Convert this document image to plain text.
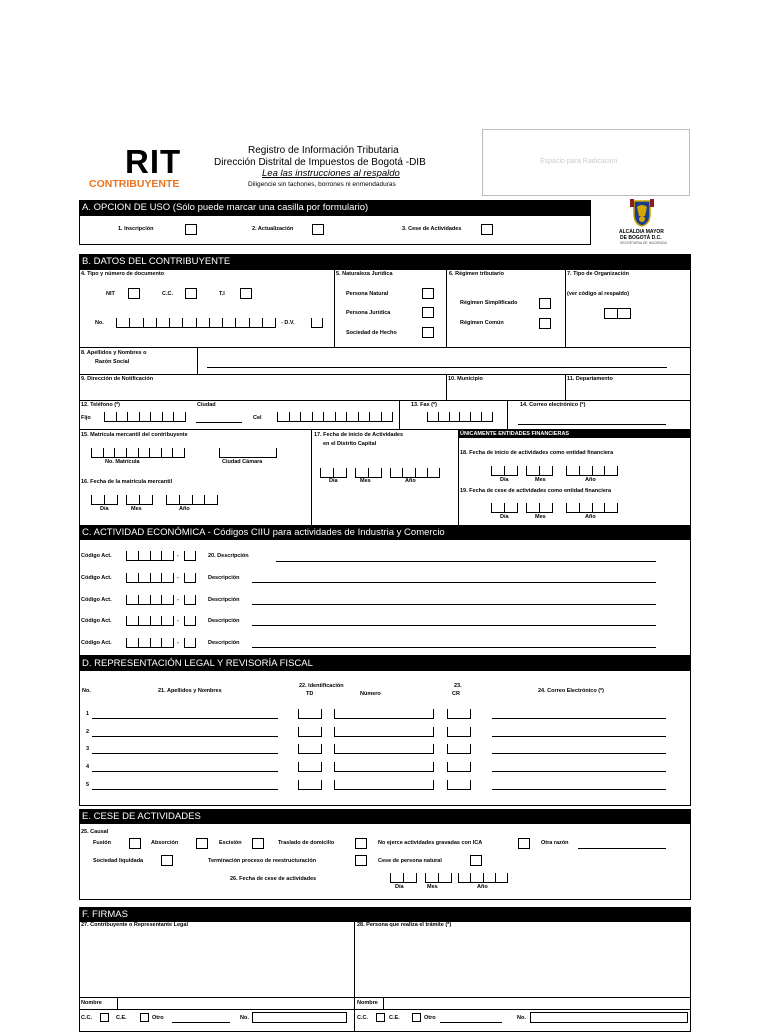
RIT
CONTRIBUYENTE
Registro de Información Tributaria
Dirección Distrital de Impuestos de Bogotá -DIB
Lea las instrucciones al respaldo
Diligencie sin tachones, borrones ni enmendaduras
Espacio para Radicación
ALCALDIA MAYOR
DE BOGOTÁ D.C.
SECRETARIA DE HACIENDA
A. OPCION DE USO (Sólo puede marcar una casilla por formulario)
1. Inscripción	2. Actualización	3. Cese de Actividades
B. DATOS DEL CONTRIBUYENTE
4. Tipo y número de documento
NIT	C.C.	T.I
No.	- D.V.
5. Naturaleza Jurídica
Persona Natural
Persona Jurídica
Sociedad de Hecho
6. Régimen tributario
Régimen Simplificado
Régimen Común
7. Tipo de Organización
(ver código al respaldo)
8. Apellidos y Nombres o
Razón Social
9. Dirección de Notificación	10. Municipio	11. Departamento
12. Teléfono (*)	Ciudad
Fijo	Cel
13. Fax (*)	14. Correo electrónico (*)
15. Matrícula mercantil del contribuyente
No. Matrícula	Ciudad Cámara
16. Fecha de la matrícula mercantil
Día	Mes	Año
17. Fecha de inicio de Actividades
en el Distrito Capital
Día	Mes	Año
ÚNICAMENTE ENTIDADES FINANCIERAS
18. Fecha de inicio de actividades como entidad financiera
Día	Mes	Año
19. Fecha de cese de actividades como entidad financiera
Día	Mes	Año
C. ACTIVIDAD ECONÓMICA - Códigos CIIU para actividades de Industria y Comercio
Código Act.	-	20. Descripción
Código Act.	-	Descripción
Código Act.	-	Descripción
Código Act.	-	Descripción
Código Act.	-	Descripción
D. REPRESENTACIÓN LEGAL Y REVISORÍA FISCAL
No.	21. Apellidos y Nombres
22. Identificación
TD	Número
23.
CR	24. Correo Electrónico (*)
1
2
3
4
5
E. CESE DE ACTIVIDADES
25. Causal
Fusión	Absorción	Escisión	Traslado de domicilio	No ejerce actividades gravadas con ICA	Otra razón
Sociedad liquidada	Terminación proceso de reestructuración	Cese de persona natural
26. Fecha de cese de actividades
Día	Mes	Año
F. FIRMAS
27. Contribuyente o Representante Legal	28. Persona que realiza el trámite (*)
Nombre	Nombre
C.C.	C.E.	Otro	No.	C.C.	C.E.	Otro	No.
